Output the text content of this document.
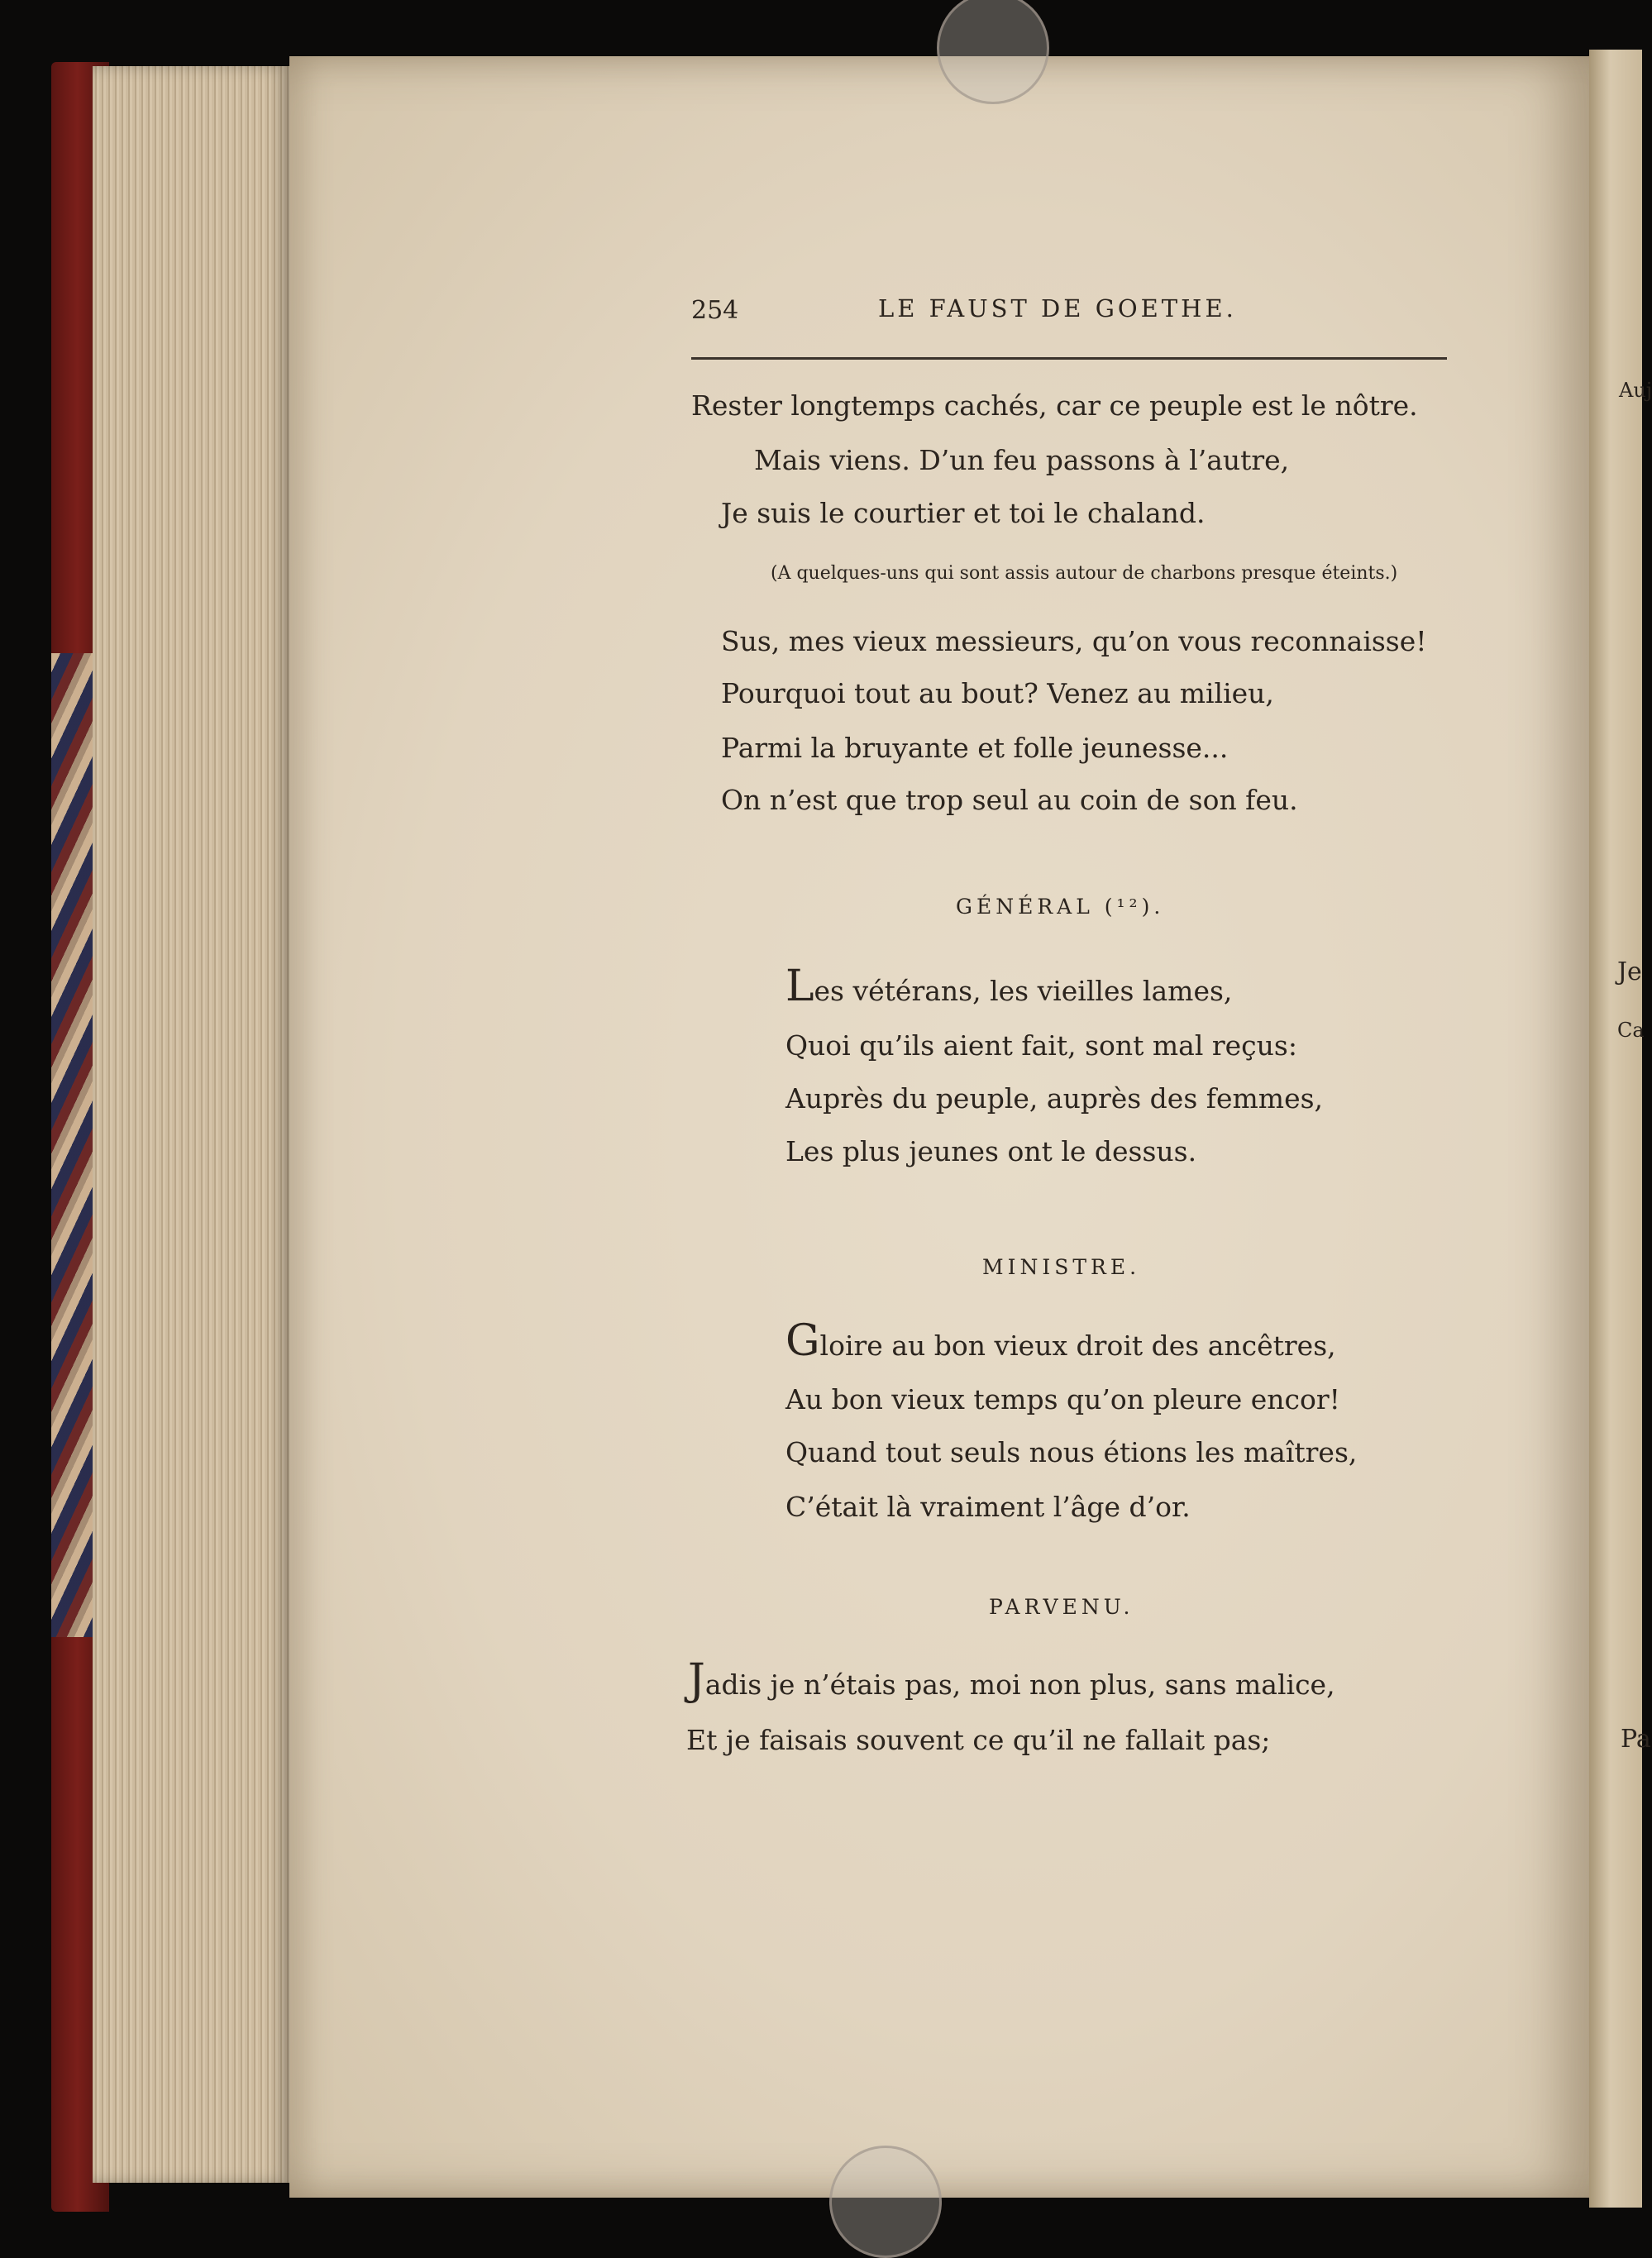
254	LE FAUST DE GOETHE.
Rester longtemps cachés, car ce peuple est le nôtre.
Mais viens. D’un feu passons à l’autre,
Je suis le courtier et toi le chaland.
(A quelques-uns qui sont assis autour de charbons presque éteints.)
Sus, mes vieux messieurs, qu’on vous reconnaisse!
Pourquoi tout au bout? Venez au milieu,
Parmi la bruyante et folle jeunesse...
On n’est que trop seul au coin de son feu.
GÉNÉRAL (¹²).
Les vétérans, les vieilles lames,
Quoi qu’ils aient fait, sont mal reçus:
Auprès du peuple, auprès des femmes,
Les plus jeunes ont le dessus.
MINISTRE.
Gloire au bon vieux droit des ancêtres,
Au bon vieux temps qu’on pleure encor!
Quand tout seuls nous étions les maîtres,
C’était là vraiment l’âge d’or.
PARVENU.
Jadis je n’étais pas, moi non plus, sans malice,
Et je faisais souvent ce qu’il ne fallait pas;
Auj
Je
Ca
Pa
